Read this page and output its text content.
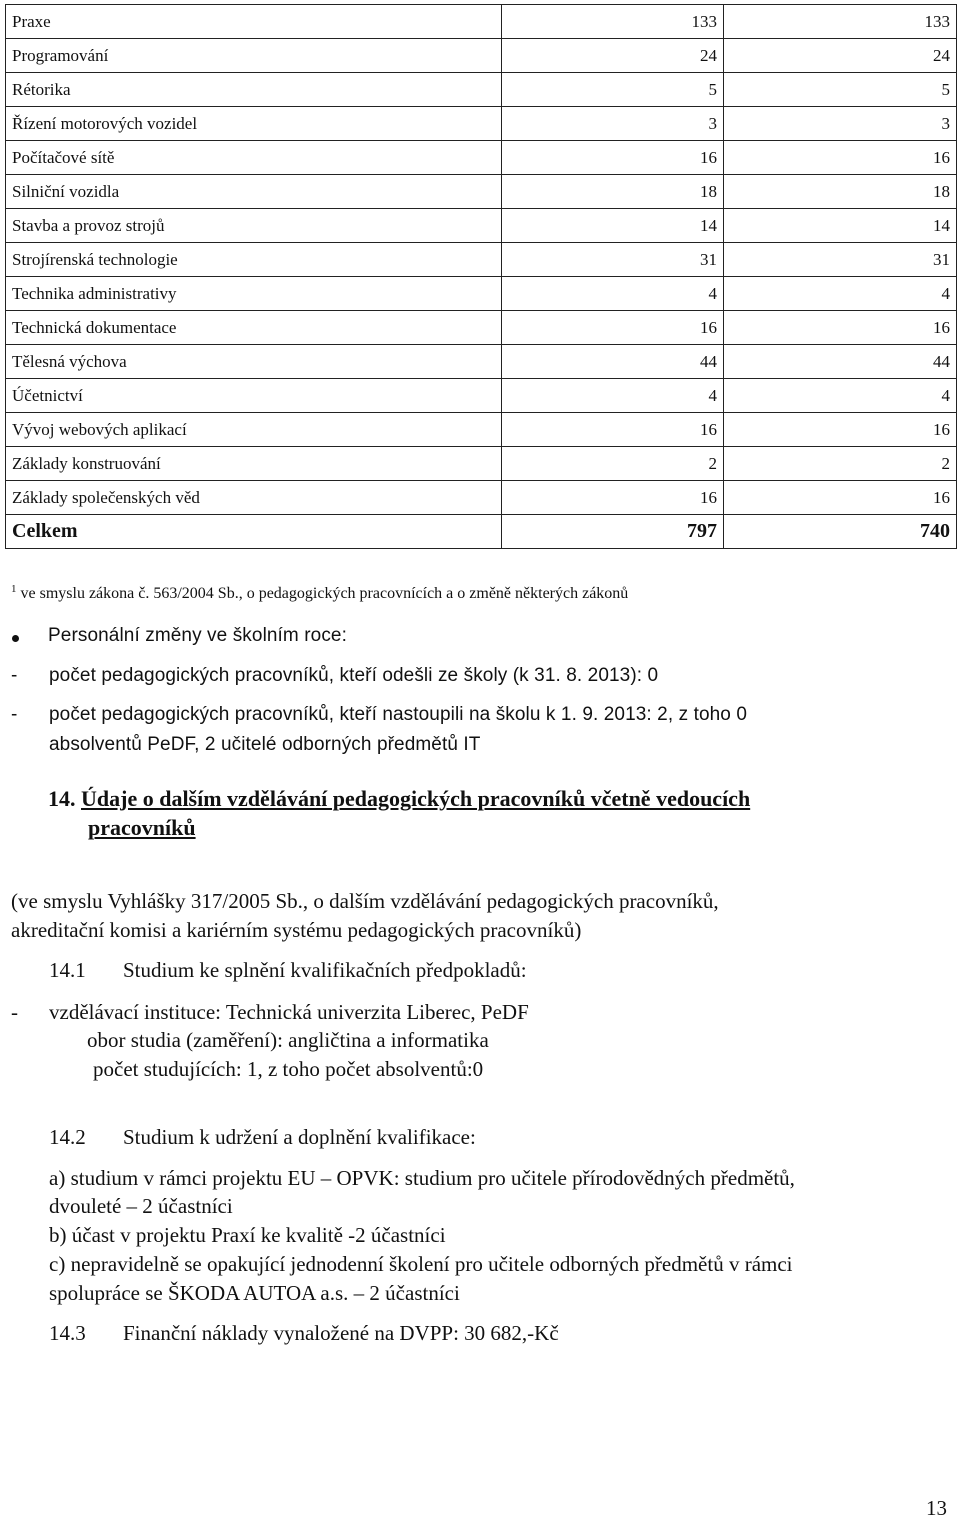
Praxe	133	133
Programování	24	24
Rétorika	5	5
Řízení motorových vozidel	3	3
Počítačové sítě	16	16
Silniční vozidla	18	18
Stavba a provoz strojů	14	14
Strojírenská technologie	31	31
Technika administrativy	4	4
Technická dokumentace	16	16
Tělesná výchova	44	44
Účetnictví	4	4
Vývoj webových aplikací	16	16
Základy konstruování	2	2
Základy společenských věd	16	16
Celkem	797	740
$^1$ ve smyslu zákona č. 563/2004 Sb., o pedagogických pracovnících a o změně některých zákonů
Personální změny ve školním roce:
- počet pedagogických pracovníků, kteří odešli ze školy (k 31. 8. 2013): 0
- počet pedagogických pracovníků, kteří nastoupili na školu k 1. 9. 2013: 2, z toho 0
absolventů PeDF, 2 učitelé odborných předmětů IT
14. Údaje o dalším vzdělávání pedagogických pracovníků včetně vedoucích
pracovníků
(ve smyslu Vyhlášky 317/2005 Sb., o dalším vzdělávání pedagogických pracovníků,
akreditační komisi a kariérním systému pedagogických pracovníků)
14.1 Studium ke splnění kvalifikačních předpokladů:
- vzdělávací instituce: Technická univerzita Liberec, PeDF
obor studia (zaměření): angličtina a informatika
počet studujících: 1, z toho počet absolventů:0
14.2 Studium k udržení a doplnění kvalifikace:
a) studium v rámci projektu EU – OPVK: studium pro učitele přírodovědných předmětů,
dvouleté – 2 účastníci
b) účast v projektu Praxí ke kvalitě -2 účastníci
c) nepravidelně se opakující jednodenní školení pro učitele odborných předmětů v rámci
spolupráce se ŠKODA AUTOA a.s. – 2 účastníci
14.3 Finanční náklady vynaložené na DVPP: 30 682,-Kč
13
